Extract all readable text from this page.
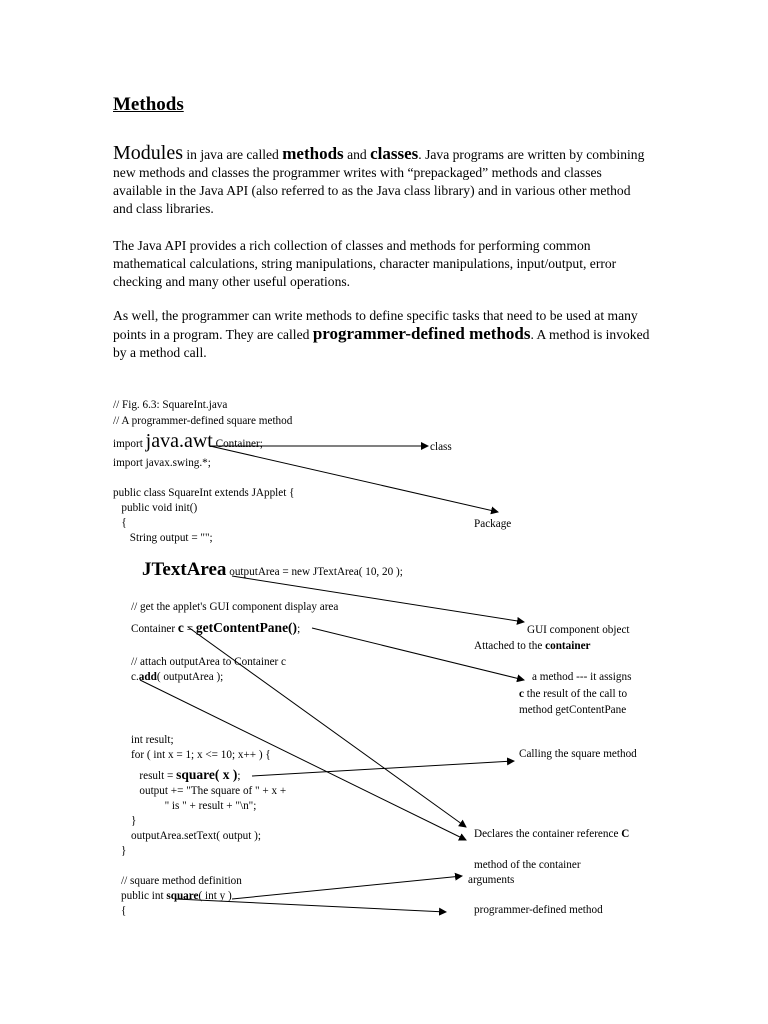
Methods

Modules in java are called methods and classes. Java programs are written by combining new methods and classes the programmer writes with “prepackaged” methods and classes available in the Java API (also referred to as the Java class library) and in various other method and class libraries.

The Java API provides a rich collection of classes and methods for performing common mathematical calculations, string manipulations, character manipulations, input/output, error checking and many other useful operations.

As well, the programmer can write methods to define specific tasks that need to be used at many points in a program. They are called programmer-defined methods. A method is invoked by a method call.

// Fig. 6.3: SquareInt.java
// A programmer-defined square method
import java.awt.Container;
import javax.swing.*;
public class SquareInt extends JApplet {
public void init()
{
String output = "";
JTextArea outputArea = new JTextArea( 10, 20 );
// get the applet's GUI component display area
Container c = getContentPane();
// attach outputArea to Container c
c.add( outputArea );
int result;
for ( int x = 1; x <= 10; x++ ) {
result = square( x );
output += "The square of " + x +
" is " + result + "\n";
}
outputArea.setText( output );
}
// square method definition
public int square( int y )
{
class
Package
GUI component object
Attached to the container
a method --- it assigns
c the result of the call to
method getContentPane
Calling the square method
Declares the container reference C
method of the container
arguments
programmer-defined method
